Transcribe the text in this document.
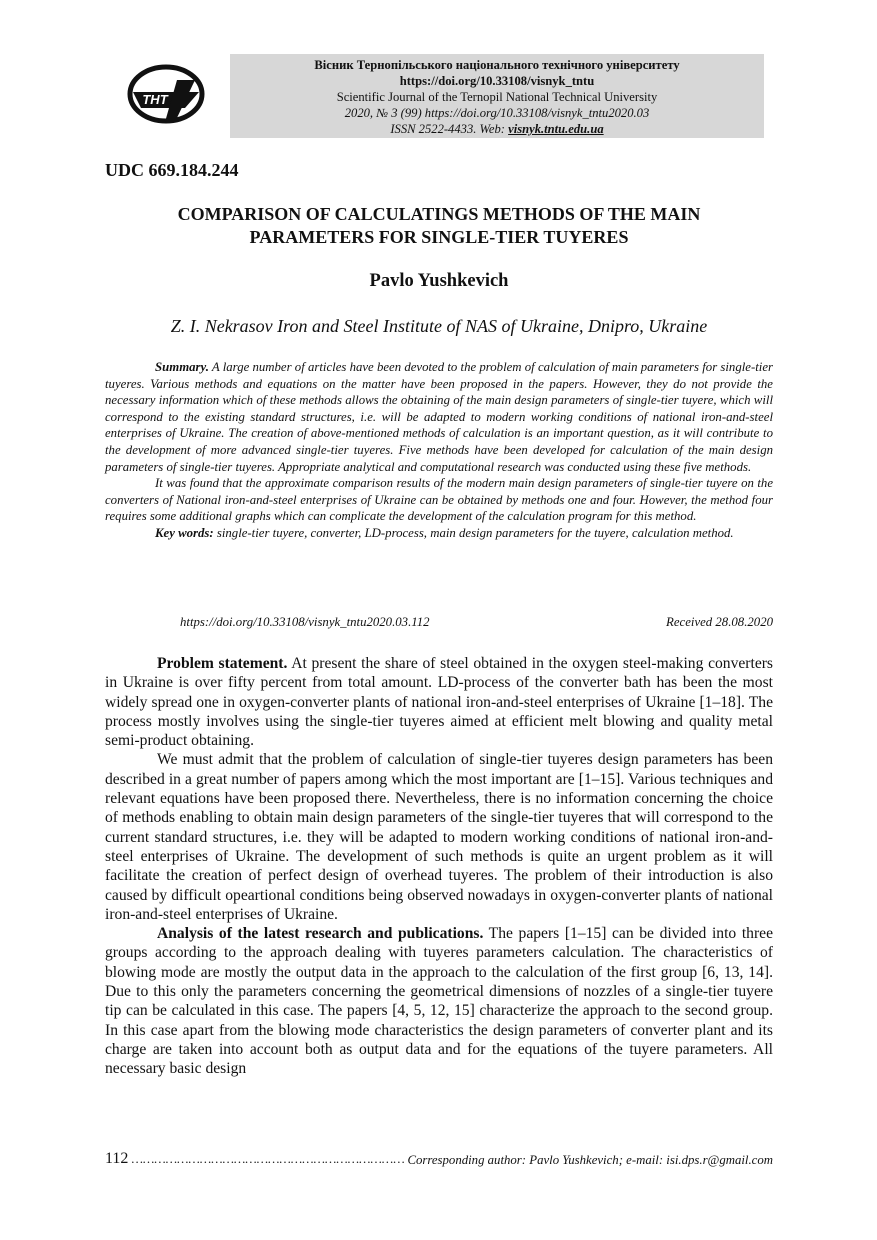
ТНТ
Вісник Тернопільського національного технічного університету
https://doi.org/10.33108/visnyk_tntu
Scientific Journal of the Ternopil National Technical University
2020, № 3 (99) https://doi.org/10.33108/visnyk_tntu2020.03
ISSN 2522-4433. Web: visnyk.tntu.edu.ua
UDC 669.184.244
COMPARISON OF CALCULATINGS METHODS OF THE MAIN
PARAMETERS FOR SINGLE-TIER TUYERES
Pavlo Yushkevich
Z. I. Nekrasov Iron and Steel Institute of NAS of Ukraine, Dnipro, Ukraine

Summary. A large number of articles have been devoted to the problem of calculation of main parameters for single-tier tuyeres. Various methods and equations on the matter have been proposed in the papers. However, they do not provide the necessary information which of these methods allows the obtaining of the main design parameters of single-tier tuyere, which will correspond to the existing standard structures, i.e. will be adapted to modern working conditions of national iron-and-steel enterprises of Ukraine. The creation of above-mentioned methods of calculation is an important question, as it will contribute to the development of more advanced single-tier tuyeres. Five methods have been developed for calculation of the main design parameters of single-tier tuyeres. Appropriate analytical and computational research was conducted using these five methods.

It was found that the approximate comparison results of the modern main design parameters of single-tier tuyere on the converters of National iron-and-steel enterprises of Ukraine can be obtained by methods one and four. However, the method four requires some additional graphs which can complicate the development of the calculation program for this method.

Key words: single-tier tuyere, converter, LD-process, main design parameters for the tuyere, calculation method.

https://doi.org/10.33108/visnyk_tntu2020.03.112	Received 28.08.2020

Problem statement. At present the share of steel obtained in the oxygen steel-making converters in Ukraine is over fifty percent from total amount. LD-process of the converter bath has been the most widely spread one in oxygen-converter plants of national iron-and-steel enterprises of Ukraine [1–18]. The process mostly involves using the single-tier tuyeres aimed at efficient melt blowing and quality metal semi-product obtaining.

We must admit that the problem of calculation of single-tier tuyeres design parameters has been described in a great number of papers among which the most important are [1–15]. Various techniques and relevant equations have been proposed there. Nevertheless, there is no information concerning the choice of methods enabling to obtain main design parameters of the single-tier tuyeres that will correspond to the current standard structures, i.e. they will be adapted to modern working conditions of national iron-and-steel enterprises of Ukraine. The development of such methods is quite an urgent problem as it will facilitate the creation of perfect design of overhead tuyeres. The problem of their introduction is also caused by difficult opeartional conditions being observed nowadays in oxygen-converter plants of national iron-and-steel enterprises of Ukraine.

Analysis of the latest research and publications. The papers [1–15] can be divided into three groups according to the approach dealing with tuyeres parameters calculation. The characteristics of blowing mode are mostly the output data in the approach to the calculation of the first group [6, 13, 14]. Due to this only the parameters concerning the geometrical dimensions of nozzles of a single-tier tuyere tip can be calculated in this case. The papers [4, 5, 12, 15] characterize the approach to the second group. In this case apart from the blowing mode characteristics the design parameters of converter plant and its charge are taken into account both as output data and for the equations of the tuyere parameters. All necessary basic design

112 ……………………………………………………………… Corresponding author: Pavlo Yushkevich; e-mail: isi.dps.r@gmail.com
